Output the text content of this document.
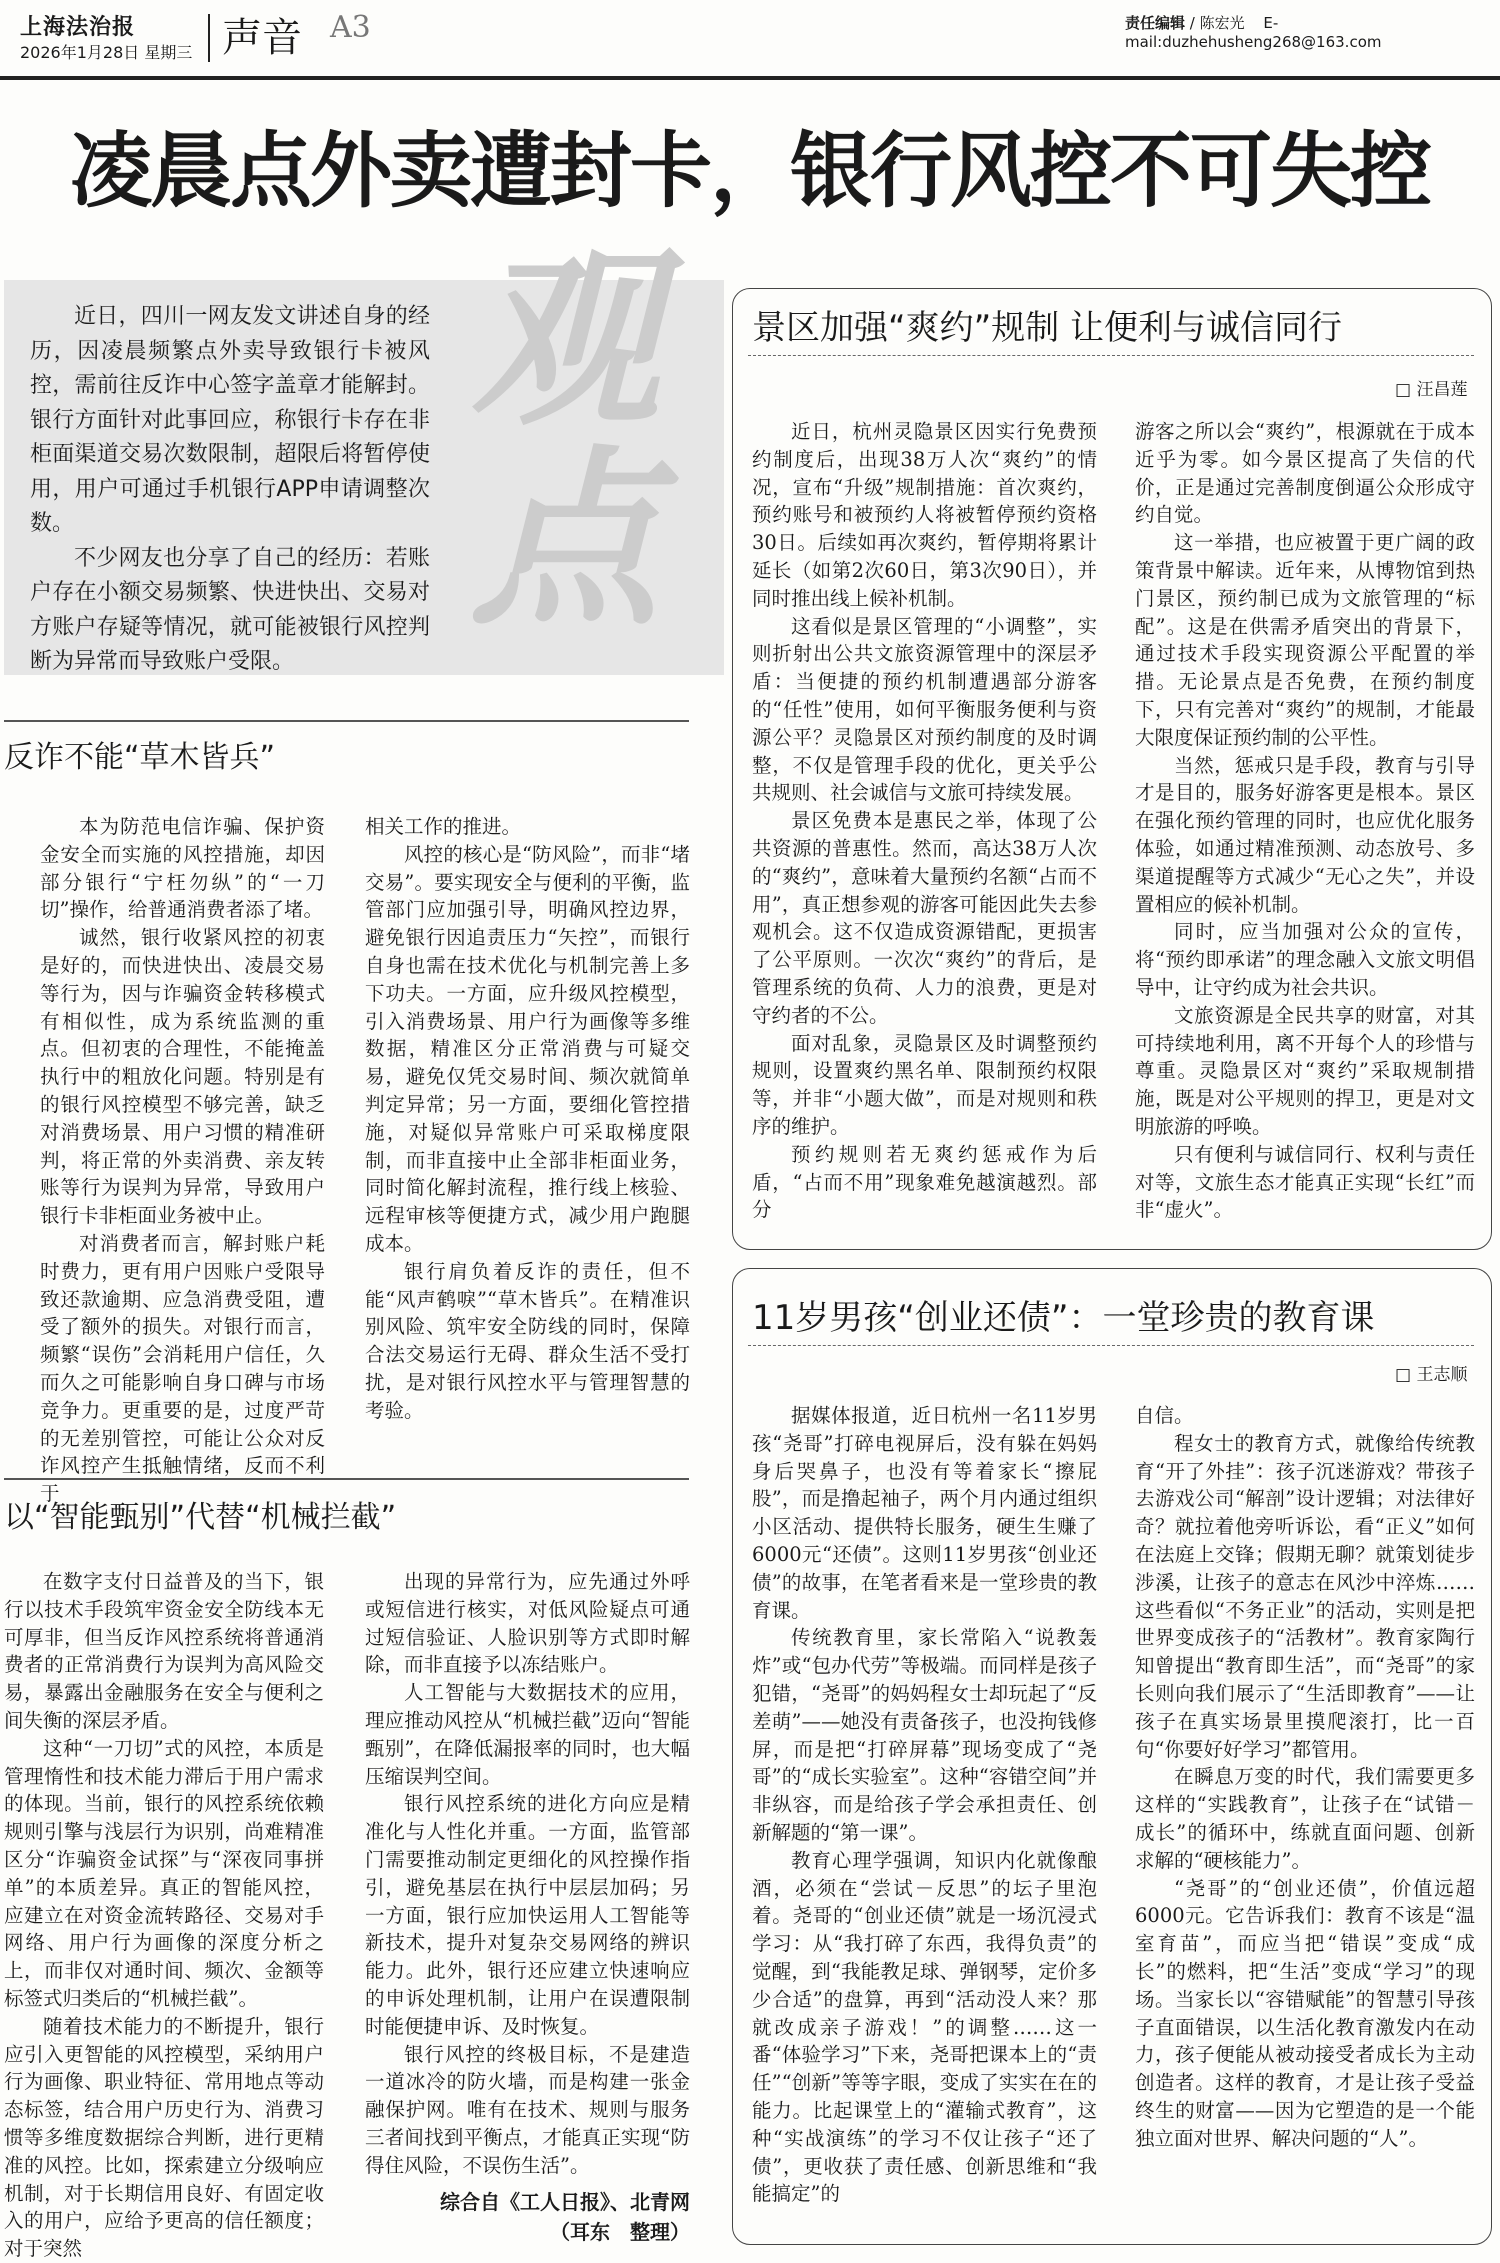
上海法治报
2026年1月28日 星期三 声音 A3	责任编辑 / 陈宏光 E-mail:duzhehusheng268@163.com
凌晨点外卖遭封卡，银行风控不可失控
观点

近日，四川一网友发文讲述自身的经历，因凌晨频繁点外卖导致银行卡被风控，需前往反诈中心签字盖章才能解封。银行方面针对此事回应，称银行卡存在非柜面渠道交易次数限制，超限后将暂停使用，用户可通过手机银行APP申请调整次数。

不少网友也分享了自己的经历：若账户存在小额交易频繁、快进快出、交易对方账户存疑等情况，就可能被银行风控判断为异常而导致账户受限。

反诈不能“草木皆兵”

本为防范电信诈骗、保护资金安全而实施的风控措施，却因部分银行“宁枉勿纵”的“一刀切”操作，给普通消费者添了堵。

诚然，银行收紧风控的初衷是好的，而快进快出、凌晨交易等行为，因与诈骗资金转移模式有相似性，成为系统监测的重点。但初衷的合理性，不能掩盖执行中的粗放化问题。特别是有的银行风控模型不够完善，缺乏对消费场景、用户习惯的精准研判，将正常的外卖消费、亲友转账等行为误判为异常，导致用户银行卡非柜面业务被中止。

对消费者而言，解封账户耗时费力，更有用户因账户受限导致还款逾期、应急消费受阻，遭受了额外的损失。对银行而言，频繁“误伤”会消耗用户信任，久而久之可能影响自身口碑与市场竞争力。更重要的是，过度严苛的无差别管控，可能让公众对反诈风控产生抵触情绪，反而不利于

相关工作的推进。

风控的核心是“防风险”，而非“堵交易”。要实现安全与便利的平衡，监管部门应加强引导，明确风控边界，避免银行因追责压力“矢控”，而银行自身也需在技术优化与机制完善上多下功夫。一方面，应升级风控模型，引入消费场景、用户行为画像等多维数据，精准区分正常消费与可疑交易，避免仅凭交易时间、频次就简单判定异常；另一方面，要细化管控措施，对疑似异常账户可采取梯度限制，而非直接中止全部非柜面业务，同时简化解封流程，推行线上核验、远程审核等便捷方式，减少用户跑腿成本。

银行肩负着反诈的责任，但不能“风声鹤唳”“草木皆兵”。在精准识别风险、筑牢安全防线的同时，保障合法交易运行无碍、群众生活不受打扰，是对银行风控水平与管理智慧的考验。

以“智能甄别”代替“机械拦截”

在数字支付日益普及的当下，银行以技术手段筑牢资金安全防线本无可厚非，但当反诈风控系统将普通消费者的正常消费行为误判为高风险交易，暴露出金融服务在安全与便利之间失衡的深层矛盾。

这种“一刀切”式的风控，本质是管理惰性和技术能力滞后于用户需求的体现。当前，银行的风控系统依赖规则引擎与浅层行为识别，尚难精准区分“诈骗资金试探”与“深夜同事拼单”的本质差异。真正的智能风控，应建立在对资金流转路径、交易对手网络、用户行为画像的深度分析之上，而非仅对通时间、频次、金额等标签式归类后的“机械拦截”。

随着技术能力的不断提升，银行应引入更智能的风控模型，采纳用户行为画像、职业特征、常用地点等动态标签，结合用户历史行为、消费习惯等多维度数据综合判断，进行更精准的风控。比如，探索建立分级响应机制，对于长期信用良好、有固定收入的用户，应给予更高的信任额度；对于突然

出现的异常行为，应先通过外呼或短信进行核实，对低风险疑点可通过短信验证、人脸识别等方式即时解除，而非直接予以冻结账户。

人工智能与大数据技术的应用，理应推动风控从“机械拦截”迈向“智能甄别”，在降低漏报率的同时，也大幅压缩误判空间。

银行风控系统的进化方向应是精准化与人性化并重。一方面，监管部门需要推动制定更细化的风控操作指引，避免基层在执行中层层加码；另一方面，银行应加快运用人工智能等新技术，提升对复杂交易网络的辨识能力。此外，银行还应建立快速响应的申诉处理机制，让用户在误遭限制时能便捷申诉、及时恢复。

银行风控的终极目标，不是建造一道冰冷的防火墙，而是构建一张金融保护网。唯有在技术、规则与服务三者间找到平衡点，才能真正实现“防得住风险，不误伤生活”。

综合自《工人日报》、北青网
（耳东　整理）
景区加强“爽约”规制 让便利与诚信同行
□ 汪昌莲

近日，杭州灵隐景区因实行免费预约制度后，出现38万人次“爽约”的情况，宣布“升级”规制措施：首次爽约，预约账号和被预约人将被暂停预约资格30日。后续如再次爽约，暂停期将累计延长（如第2次60日，第3次90日），并同时推出线上候补机制。

这看似是景区管理的“小调整”，实则折射出公共文旅资源管理中的深层矛盾：当便捷的预约机制遭遇部分游客的“任性”使用，如何平衡服务便利与资源公平？灵隐景区对预约制度的及时调整，不仅是管理手段的优化，更关乎公共规则、社会诚信与文旅可持续发展。

景区免费本是惠民之举，体现了公共资源的普惠性。然而，高达38万人次的“爽约”，意味着大量预约名额“占而不用”，真正想参观的游客可能因此失去参观机会。这不仅造成资源错配，更损害了公平原则。一次次“爽约”的背后，是管理系统的负荷、人力的浪费，更是对守约者的不公。

面对乱象，灵隐景区及时调整预约规则，设置爽约黑名单、限制预约权限等，并非“小题大做”，而是对规则和秩序的维护。

预约规则若无爽约惩戒作为后盾，“占而不用”现象难免越演越烈。部分

游客之所以会“爽约”，根源就在于成本近乎为零。如今景区提高了失信的代价，正是通过完善制度倒逼公众形成守约自觉。

这一举措，也应被置于更广阔的政策背景中解读。近年来，从博物馆到热门景区，预约制已成为文旅管理的“标配”。这是在供需矛盾突出的背景下，通过技术手段实现资源公平配置的举措。无论景点是否免费，在预约制度下，只有完善对“爽约”的规制，才能最大限度保证预约制的公平性。

当然，惩戒只是手段，教育与引导才是目的，服务好游客更是根本。景区在强化预约管理的同时，也应优化服务体验，如通过精准预测、动态放号、多渠道提醒等方式减少“无心之失”，并设置相应的候补机制。

同时，应当加强对公众的宣传，将“预约即承诺”的理念融入文旅文明倡导中，让守约成为社会共识。

文旅资源是全民共享的财富，对其可持续地利用，离不开每个人的珍惜与尊重。灵隐景区对“爽约”采取规制措施，既是对公平规则的捍卫，更是对文明旅游的呼唤。

只有便利与诚信同行、权利与责任对等，文旅生态才能真正实现“长红”而非“虚火”。

11岁男孩“创业还债”：一堂珍贵的教育课
□ 王志顺

据媒体报道，近日杭州一名11岁男孩“尧哥”打碎电视屏后，没有躲在妈妈身后哭鼻子，也没有等着家长“擦屁股”，而是撸起袖子，两个月内通过组织小区活动、提供特长服务，硬生生赚了6000元“还债”。这则11岁男孩“创业还债”的故事，在笔者看来是一堂珍贵的教育课。

传统教育里，家长常陷入“说教轰炸”或“包办代劳”等极端。而同样是孩子犯错，“尧哥”的妈妈程女士却玩起了“反差萌”——她没有责备孩子，也没拘钱修屏，而是把“打碎屏幕”现场变成了“尧哥”的“成长实验室”。这种“容错空间”并非纵容，而是给孩子学会承担责任、创新解题的“第一课”。

教育心理学强调，知识内化就像酿酒，必须在“尝试－反思”的坛子里泡着。尧哥的“创业还债”就是一场沉浸式学习：从“我打碎了东西，我得负责”的觉醒，到“我能教足球、弹钢琴，定价多少合适”的盘算，再到“活动没人来？那就改成亲子游戏！”的调整……这一番“体验学习”下来，尧哥把课本上的“责任”“创新”等等字眼，变成了实实在在的能力。比起课堂上的“灌输式教育”，这种“实战演练”的学习不仅让孩子“还了债”，更收获了责任感、创新思维和“我能搞定”的

自信。

程女士的教育方式，就像给传统教育“开了外挂”：孩子沉迷游戏？带孩子去游戏公司“解剖”设计逻辑；对法律好奇？就拉着他旁听诉讼，看“正义”如何在法庭上交锋；假期无聊？就策划徒步涉溪，让孩子的意志在风沙中淬炼……这些看似“不务正业”的活动，实则是把世界变成孩子的“活教材”。教育家陶行知曾提出“教育即生活”，而“尧哥”的家长则向我们展示了“生活即教育”——让孩子在真实场景里摸爬滚打，比一百句“你要好好学习”都管用。

在瞬息万变的时代，我们需要更多这样的“实践教育”，让孩子在“试错－成长”的循环中，练就直面问题、创新求解的“硬核能力”。

“尧哥”的“创业还债”，价值远超6000元。它告诉我们：教育不该是“温室育苗”，而应当把“错误”变成“成长”的燃料，把“生活”变成“学习”的现场。当家长以“容错赋能”的智慧引导孩子直面错误，以生活化教育激发内在动力，孩子便能从被动接受者成长为主动创造者。这样的教育，才是让孩子受益终生的财富——因为它塑造的是一个能独立面对世界、解决问题的“人”。
